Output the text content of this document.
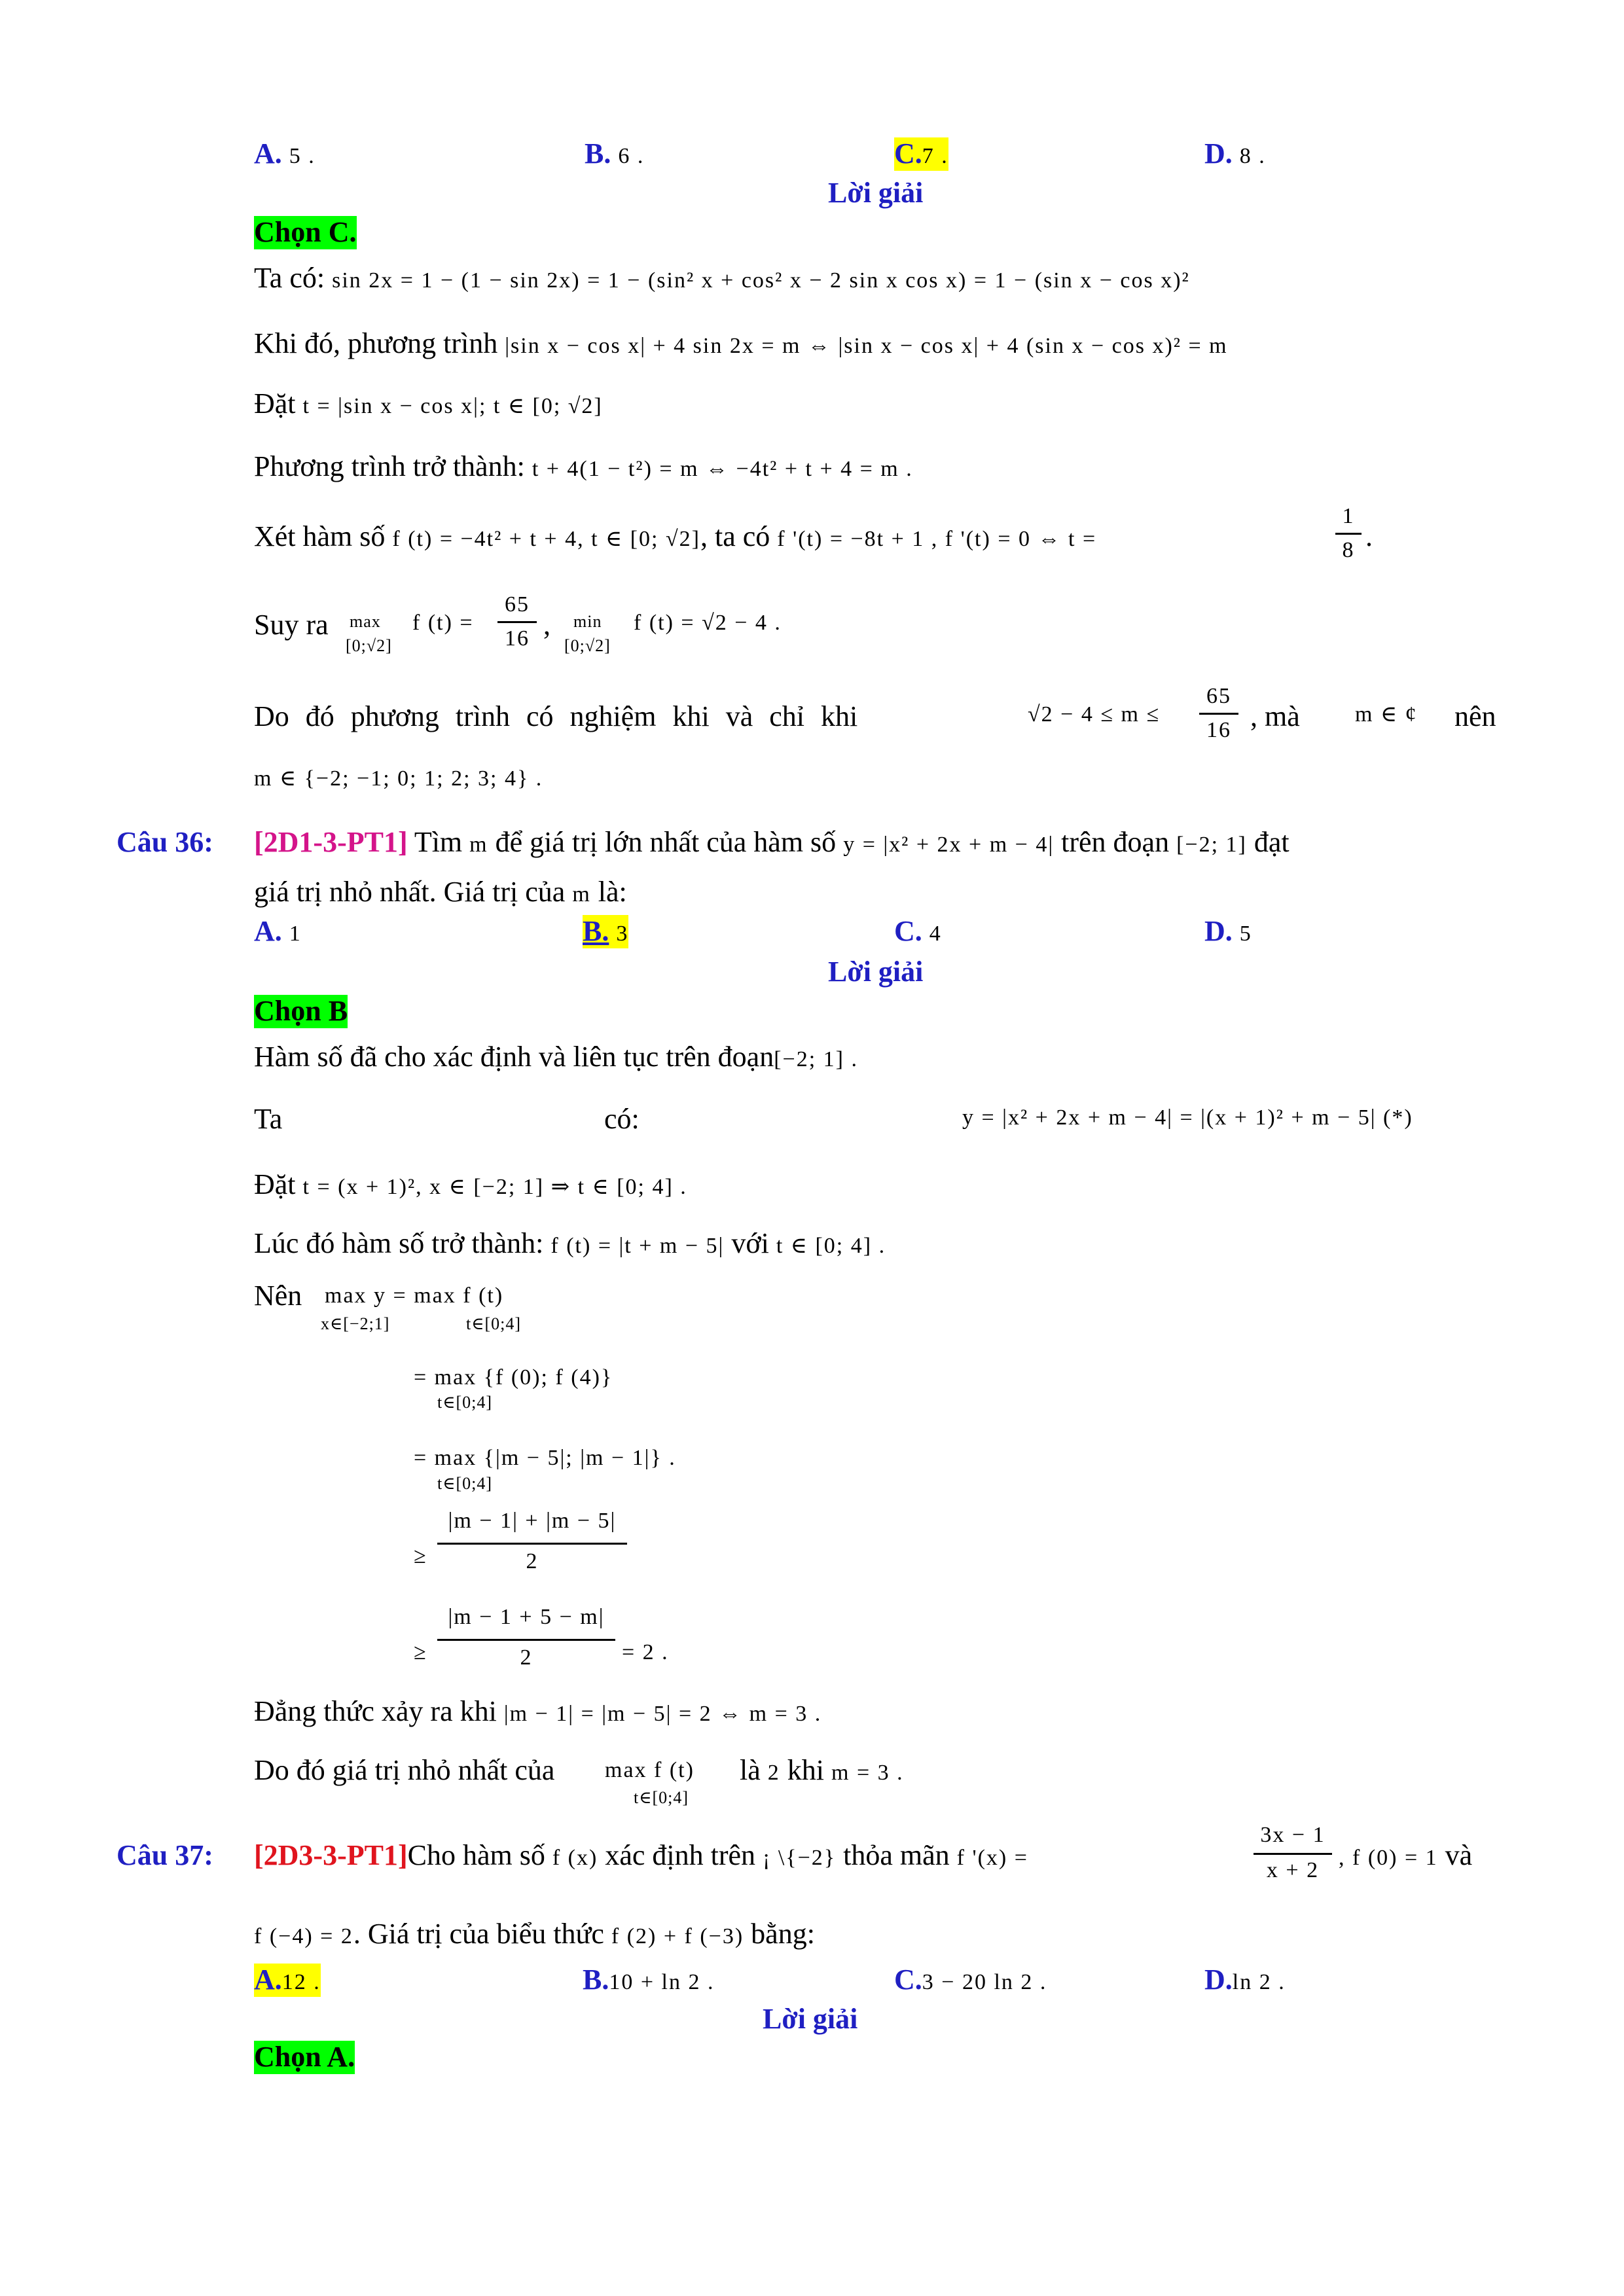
A. 5 .	B. 6 .	C.7 .	D. 8 .
Lời giải
Chọn C.
Ta có: sin 2x = 1 − (1 − sin 2x) = 1 − (sin² x + cos² x − 2 sin x cos x) = 1 − (sin x − cos x)²
Khi đó, phương trình |sin x − cos x| + 4 sin 2x = m ⇔ |sin x − cos x| + 4 (sin x − cos x)² = m
Đặt t = |sin x − cos x|; t ∈ [0; √2]
Phương trình trở thành: t + 4(1 − t²) = m ⇔ −4t² + t + 4 = m .
Xét hàm số f (t) = −4t² + t + 4, t ∈ [0; √2], ta có f '(t) = −8t + 1 , f '(t) = 0 ⇔ t =
1
8 .
Suy ra max
[0;√2]
f (t) =
65
16 , min
[0;√2]
f (t) = √2 − 4 .
Do đó phương trình có nghiệm khi và chỉ khi	√2 − 4 ≤ m ≤
65
16 , mà m ∈ ¢ nên
m ∈ {−2; −1; 0; 1; 2; 3; 4} .
Câu 36: [2D1-3-PT1] Tìm m để giá trị lớn nhất của hàm số y = |x² + 2x + m − 4| trên đoạn [−2; 1] đạt
giá trị nhỏ nhất. Giá trị của m là:
A. 1	B. 3	C. 4	D. 5
Lời giải
Chọn B
Hàm số đã cho xác định và liên tục trên đoạn[−2; 1] .
Ta	có:	y = |x² + 2x + m − 4| = |(x + 1)² + m − 5| (*)
Đặt t = (x + 1)², x ∈ [−2; 1] ⇒ t ∈ [0; 4] .
Lúc đó hàm số trở thành: f (t) = |t + m − 5| với t ∈ [0; 4] .
Nên max y = max f (t)
x∈[−2;1]	t∈[0;4]
= max {f (0); f (4)}
t∈[0;4]
= max {|m − 5|; |m − 1|} .
t∈[0;4]
≥
|m − 1| + |m − 5|
2
≥
|m − 1 + 5 − m|
2	= 2 .
Đẳng thức xảy ra khi |m − 1| = |m − 5| = 2 ⇔ m = 3 .
Do đó giá trị nhỏ nhất của max f (t)
t∈[0;4]
là 2 khi m = 3 .
Câu 37: [2D3-3-PT1]Cho hàm số f (x) xác định trên ¡ \{−2} thỏa mãn f '(x) =
3x − 1
x + 2
, f (0) = 1 và
f (−4) = 2. Giá trị của biểu thức f (2) + f (−3) bằng:
A.12 .	B.10 + ln 2 .	C.3 − 20 ln 2 .	D.ln 2 .
Lời giải
Chọn A.
